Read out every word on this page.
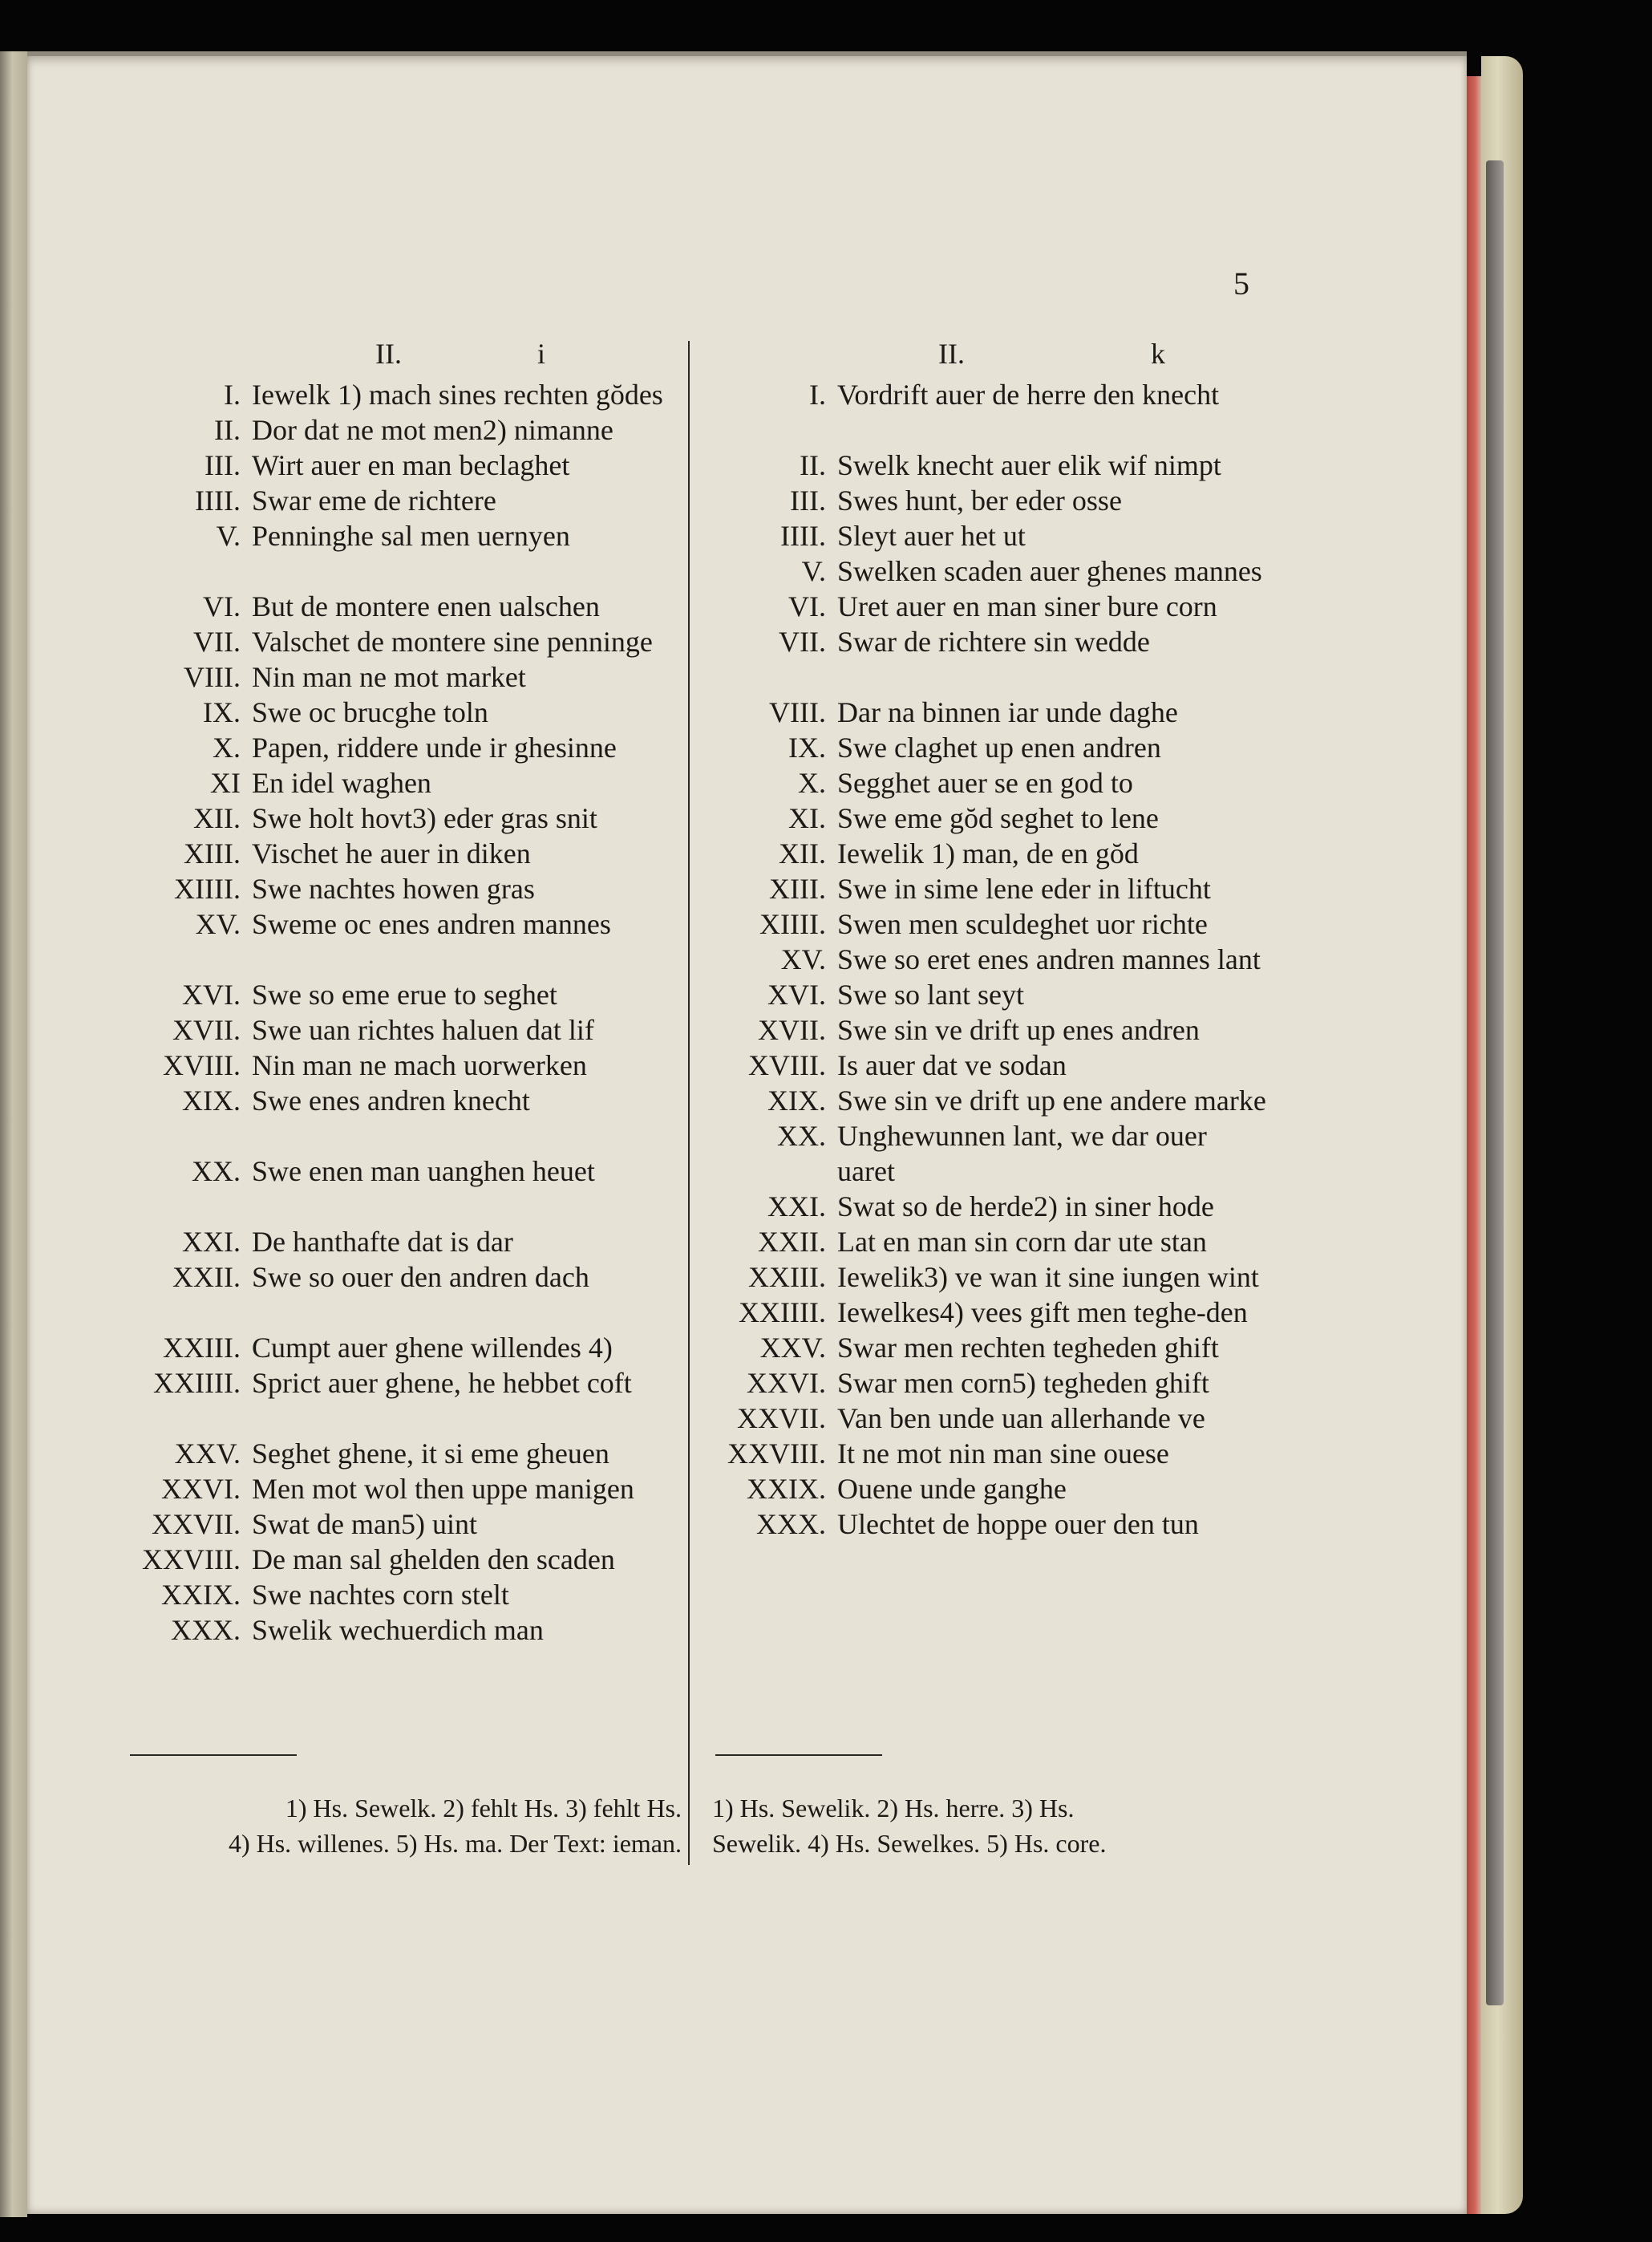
5
II.	i
I. Iewelk 1) mach sines rechten gŏdes
II. Dor dat ne mot men2) nimanne
III. Wirt auer en man beclaghet
IIII. Swar eme de richtere
V. Penninghe sal men uernyen
VI. But de montere enen ualschen
VII. Valschet de montere sine penninge
VIII. Nin man ne mot market
IX. Swe oc brucghe toln
X. Papen, riddere unde ir ghesinne
XI En idel waghen
XII. Swe holt hovt3) eder gras snit
XIII. Vischet he auer in diken
XIIII. Swe nachtes howen gras
XV. Sweme oc enes andren mannes
XVI. Swe so eme erue to seghet
XVII. Swe uan richtes haluen dat lif
XVIII. Nin man ne mach uorwerken
XIX. Swe enes andren knecht
XX. Swe enen man uanghen heuet
XXI. De hanthafte dat is dar
XXII. Swe so ouer den andren dach
XXIII. Cumpt auer ghene willendes 4)
XXIIII. Sprict auer ghene, he hebbet coft
XXV. Seghet ghene, it si eme gheuen
XXVI. Men mot wol then uppe manigen
XXVII. Swat de man5) uint
XXVIII. De man sal ghelden den scaden
XXIX. Swe nachtes corn stelt
XXX. Swelik wechuerdich man
II.	k
I. Vordrift auer de herre den knecht
II. Swelk knecht auer elik wif nimpt
III. Swes hunt, ber eder osse
IIII. Sleyt auer het ut
V. Swelken scaden auer ghenes mannes
VI. Uret auer en man siner bure corn
VII. Swar de richtere sin wedde
VIII. Dar na binnen iar unde daghe
IX. Swe claghet up enen andren
X. Segghet auer se en god to
XI. Swe eme gŏd seghet to lene
XII. Iewelik 1) man, de en gŏd
XIII. Swe in sime lene eder in liftucht
XIIII. Swen men sculdeghet uor richte
XV. Swe so eret enes andren mannes lant
XVI. Swe so lant seyt
XVII. Swe sin ve drift up enes andren
XVIII. Is auer dat ve sodan
XIX. Swe sin ve drift up ene andere marke
XX. Unghewunnen lant, we dar ouer uaret
XXI. Swat so de herde2) in siner hode
XXII. Lat en man sin corn dar ute stan
XXIII. Iewelik3) ve wan it sine iungen wint
XXIIII. Iewelkes4) vees gift men teghe-den
XXV. Swar men rechten tegheden ghift
XXVI. Swar men corn5) tegheden ghift
XXVII. Van ben unde uan allerhande ve
XXVIII. It ne mot nin man sine ouese
XXIX. Ouene unde ganghe
XXX. Ulechtet de hoppe ouer den tun
1) Hs. Sewelk. 2) fehlt Hs. 3) fehlt Hs.
4) Hs. willenes. 5) Hs. ma. Der Text: ieman.
1) Hs. Sewelik. 2) Hs. herre. 3) Hs.
Sewelik. 4) Hs. Sewelkes. 5) Hs. core.
